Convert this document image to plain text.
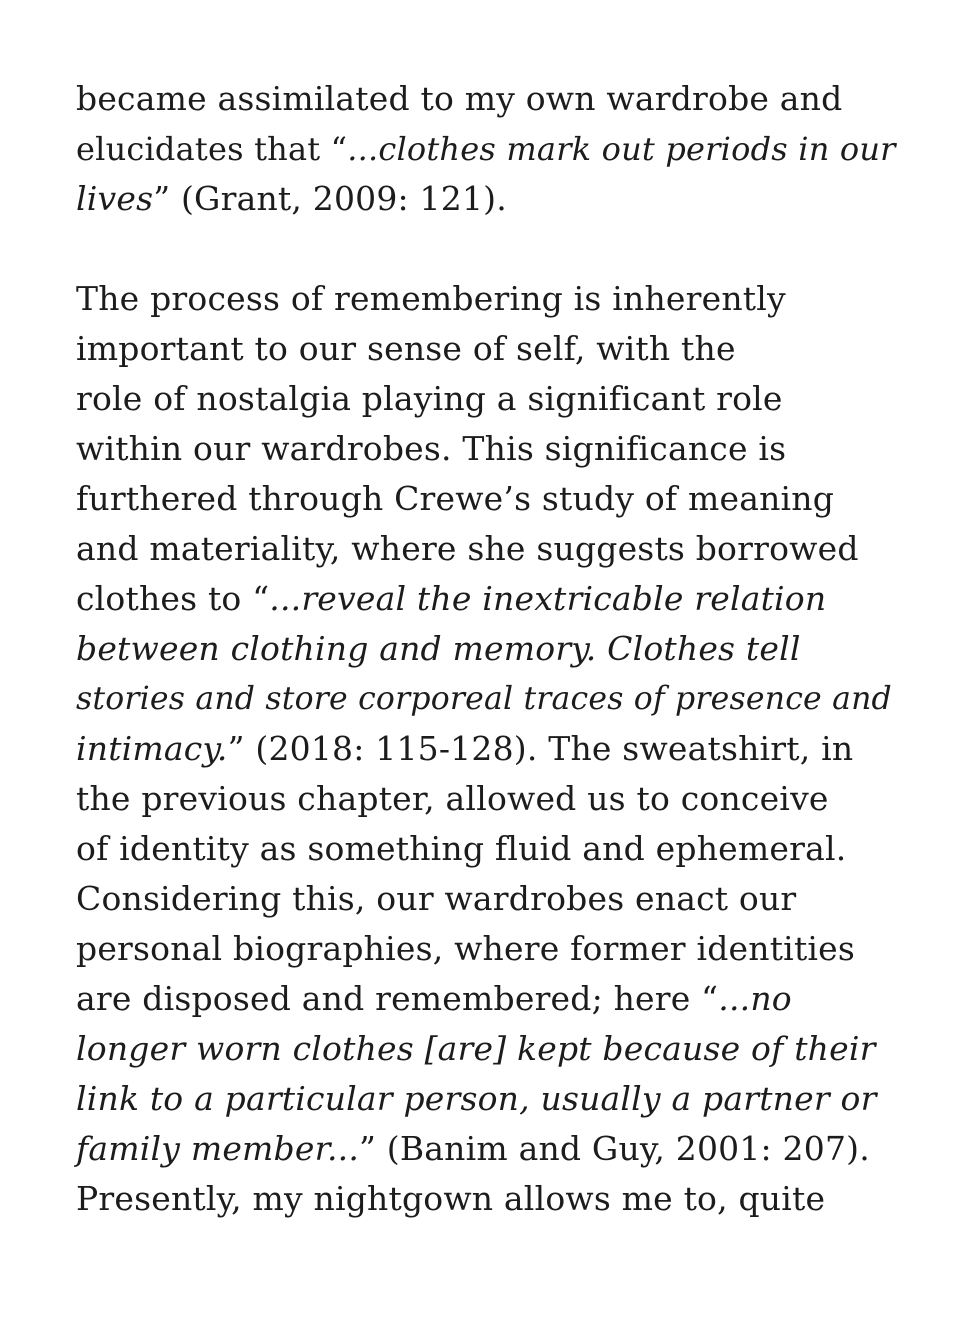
became assimilated to my own wardrobe and
elucidates that “...clothes mark out periods in our
lives” (Grant, 2009: 121).
The process of remembering is inherently
important to our sense of self, with the
role of nostalgia playing a significant role
within our wardrobes. This significance is
furthered through Crewe’s study of meaning
and materiality, where she suggests borrowed
clothes to “...reveal the inextricable relation
between clothing and memory. Clothes tell
stories and store corporeal traces of presence and
intimacy.” (2018: 115-128). The sweatshirt, in
the previous chapter, allowed us to conceive
of identity as something fluid and ephemeral.
Considering this, our wardrobes enact our
personal biographies, where former identities
are disposed and remembered; here “...no
longer worn clothes [are] kept because of their
link to a particular person, usually a partner or
family member...” (Banim and Guy, 2001: 207).
Presently, my nightgown allows me to, quite
